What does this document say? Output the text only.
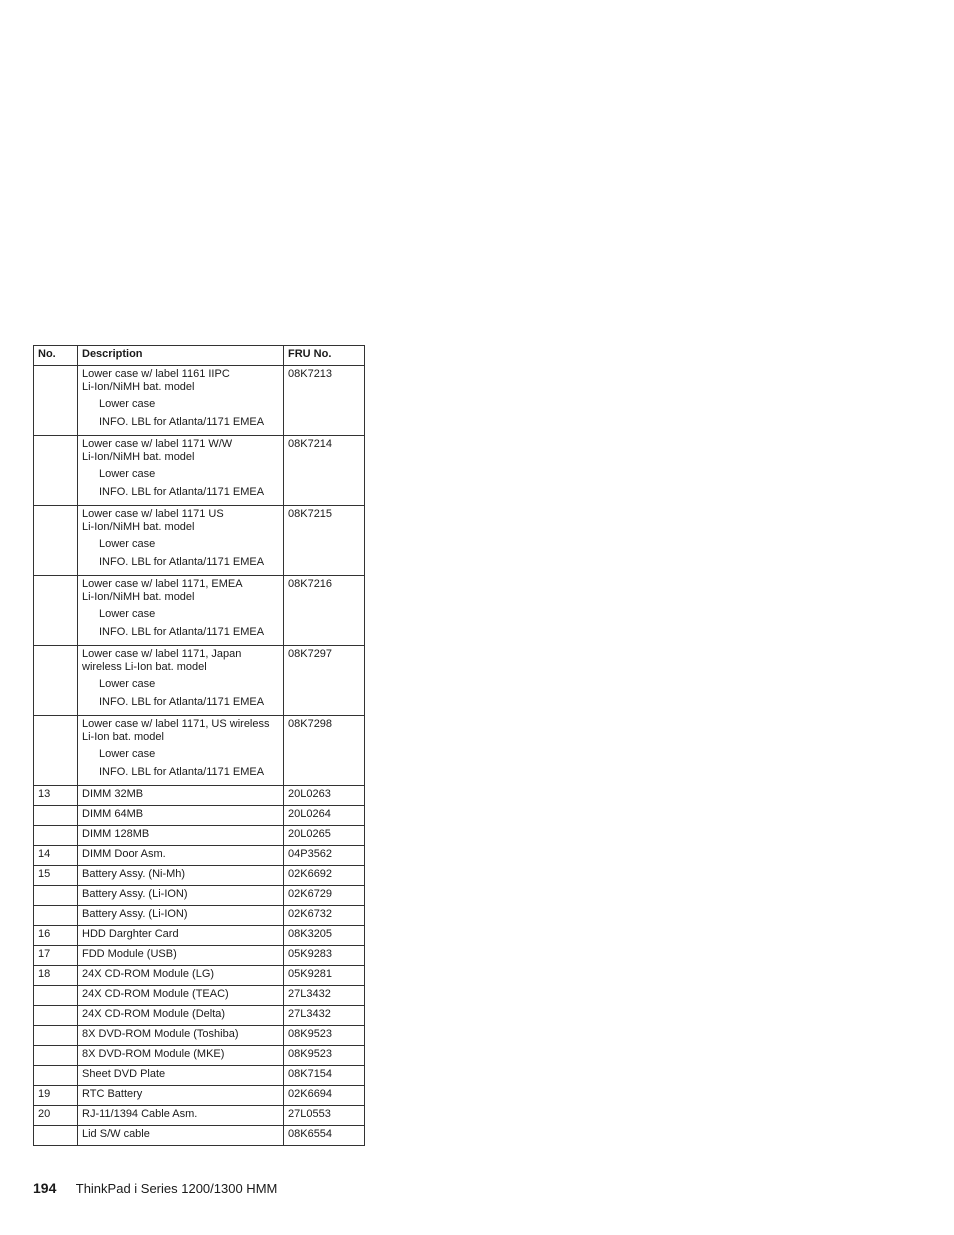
No.	Description	FRU No.

	Lower case w/ label 1161 IIPC
Li-Ion/NiMH bat. model
Lower case
INFO. LBL for Atlanta/1171 EMEA	08K7213

	Lower case w/ label 1171 W/W
Li-Ion/NiMH bat. model
Lower case
INFO. LBL for Atlanta/1171 EMEA	08K7214

	Lower case w/ label 1171 US
Li-Ion/NiMH bat. model
Lower case
INFO. LBL for Atlanta/1171 EMEA	08K7215

	Lower case w/ label 1171, EMEA
Li-Ion/NiMH bat. model
Lower case
INFO. LBL for Atlanta/1171 EMEA	08K7216

	Lower case w/ label 1171, Japan
wireless Li-Ion bat. model
Lower case
INFO. LBL for Atlanta/1171 EMEA	08K7297

	Lower case w/ label 1171, US wireless
Li-Ion bat. model
Lower case
INFO. LBL for Atlanta/1171 EMEA	08K7298
13	DIMM 32MB	20L0263
	DIMM 64MB	20L0264
	DIMM 128MB	20L0265
14	DIMM Door Asm.	04P3562
15	Battery Assy. (Ni-Mh)	02K6692
	Battery Assy. (Li-ION)	02K6729
	Battery Assy. (Li-ION)	02K6732
16	HDD Darghter Card	08K3205
17	FDD Module (USB)	05K9283
18	24X CD-ROM Module (LG)	05K9281
	24X CD-ROM Module (TEAC)	27L3432
	24X CD-ROM Module (Delta)	27L3432
	8X DVD-ROM Module (Toshiba)	08K9523
	8X DVD-ROM Module (MKE)	08K9523
	Sheet DVD Plate	08K7154
19	RTC Battery	02K6694
20	RJ-11/1394 Cable Asm.	27L0553
	Lid S/W cable	08K6554
194 ThinkPad i Series 1200/1300 HMM
